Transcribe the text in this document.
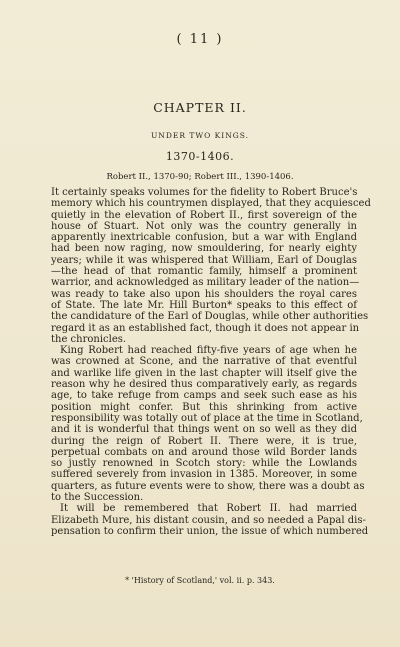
( 11 )
CHAPTER II.
UNDER TWO KINGS.
1370-1406.
Robert II., 1370-90; Robert III., 1390-1406.
It certainly speaks volumes for the fidelity to Robert Bruce's
memory which his countrymen displayed, that they acquiesced
quietly in the elevation of Robert II., first sovereign of the
house of Stuart. Not only was the country generally in
apparently inextricable confusion, but a war with England
had been now raging, now smouldering, for nearly eighty
years; while it was whispered that William, Earl of Douglas
—the head of that romantic family, himself a prominent
warrior, and acknowledged as military leader of the nation—
was ready to take also upon his shoulders the royal cares
of State. The late Mr. Hill Burton* speaks to this effect of
the candidature of the Earl of Douglas, while other authorities
regard it as an established fact, though it does not appear in
the chronicles.
King Robert had reached fifty-five years of age when he
was crowned at Scone, and the narrative of that eventful
and warlike life given in the last chapter will itself give the
reason why he desired thus comparatively early, as regards
age, to take refuge from camps and seek such ease as his
position might confer. But this shrinking from active
responsibility was totally out of place at the time in Scotland,
and it is wonderful that things went on so well as they did
during the reign of Robert II. There were, it is true,
perpetual combats on and around those wild Border lands
so justly renowned in Scotch story: while the Lowlands
suffered severely from invasion in 1385. Moreover, in some
quarters, as future events were to show, there was a doubt as
to the Succession.
It will be remembered that Robert II. had married
Elizabeth Mure, his distant cousin, and so needed a Papal dis-
pensation to confirm their union, the issue of which numbered
* 'History of Scotland,' vol. ii. p. 343.
